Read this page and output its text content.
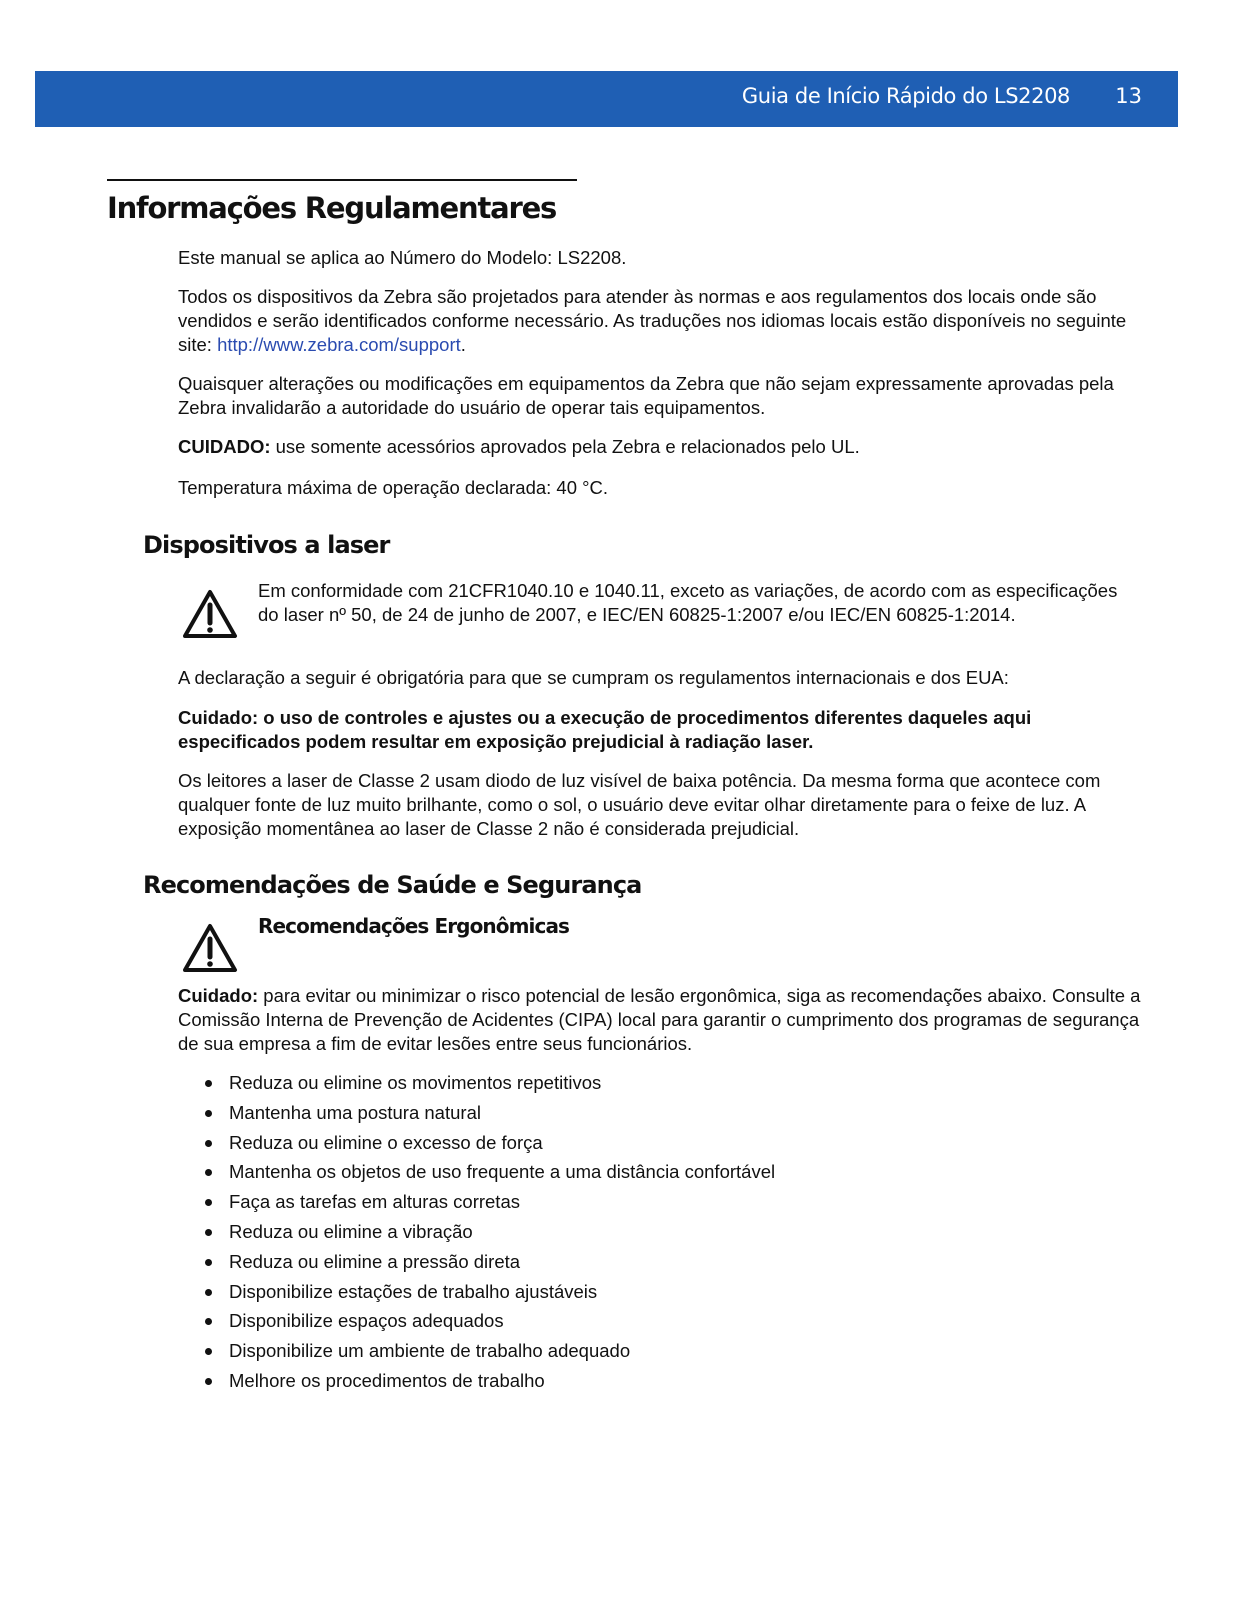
Guia de Início Rápido do LS2208 13
Informações Regulamentares

Este manual se aplica ao Número do Modelo: LS2208.

Todos os dispositivos da Zebra são projetados para atender às normas e aos regulamentos dos locais onde são vendidos e serão identificados conforme necessário. As traduções nos idiomas locais estão disponíveis no seguinte site: http://www.zebra.com/support.

Quaisquer alterações ou modificações em equipamentos da Zebra que não sejam expressamente aprovadas pela Zebra invalidarão a autoridade do usuário de operar tais equipamentos.

CUIDADO: use somente acessórios aprovados pela Zebra e relacionados pelo UL.

Temperatura máxima de operação declarada: 40 °C.

Dispositivos a laser

Em conformidade com 21CFR1040.10 e 1040.11, exceto as variações, de acordo com as especificações do laser nº 50, de 24 de junho de 2007, e IEC/EN 60825-1:2007 e/ou IEC/EN 60825-1:2014.

A declaração a seguir é obrigatória para que se cumpram os regulamentos internacionais e dos EUA:

Cuidado: o uso de controles e ajustes ou a execução de procedimentos diferentes daqueles aqui especificados podem resultar em exposição prejudicial à radiação laser.

Os leitores a laser de Classe 2 usam diodo de luz visível de baixa potência. Da mesma forma que acontece com qualquer fonte de luz muito brilhante, como o sol, o usuário deve evitar olhar diretamente para o feixe de luz. A exposição momentânea ao laser de Classe 2 não é considerada prejudicial.

Recomendações de Saúde e Segurança
Recomendações Ergonômicas

Cuidado: para evitar ou minimizar o risco potencial de lesão ergonômica, siga as recomendações abaixo. Consulte a Comissão Interna de Prevenção de Acidentes (CIPA) local para garantir o cumprimento dos programas de segurança de sua empresa a fim de evitar lesões entre seus funcionários.

Reduza ou elimine os movimentos repetitivos
Mantenha uma postura natural
Reduza ou elimine o excesso de força
Mantenha os objetos de uso frequente a uma distância confortável
Faça as tarefas em alturas corretas
Reduza ou elimine a vibração
Reduza ou elimine a pressão direta
Disponibilize estações de trabalho ajustáveis
Disponibilize espaços adequados
Disponibilize um ambiente de trabalho adequado
Melhore os procedimentos de trabalho
